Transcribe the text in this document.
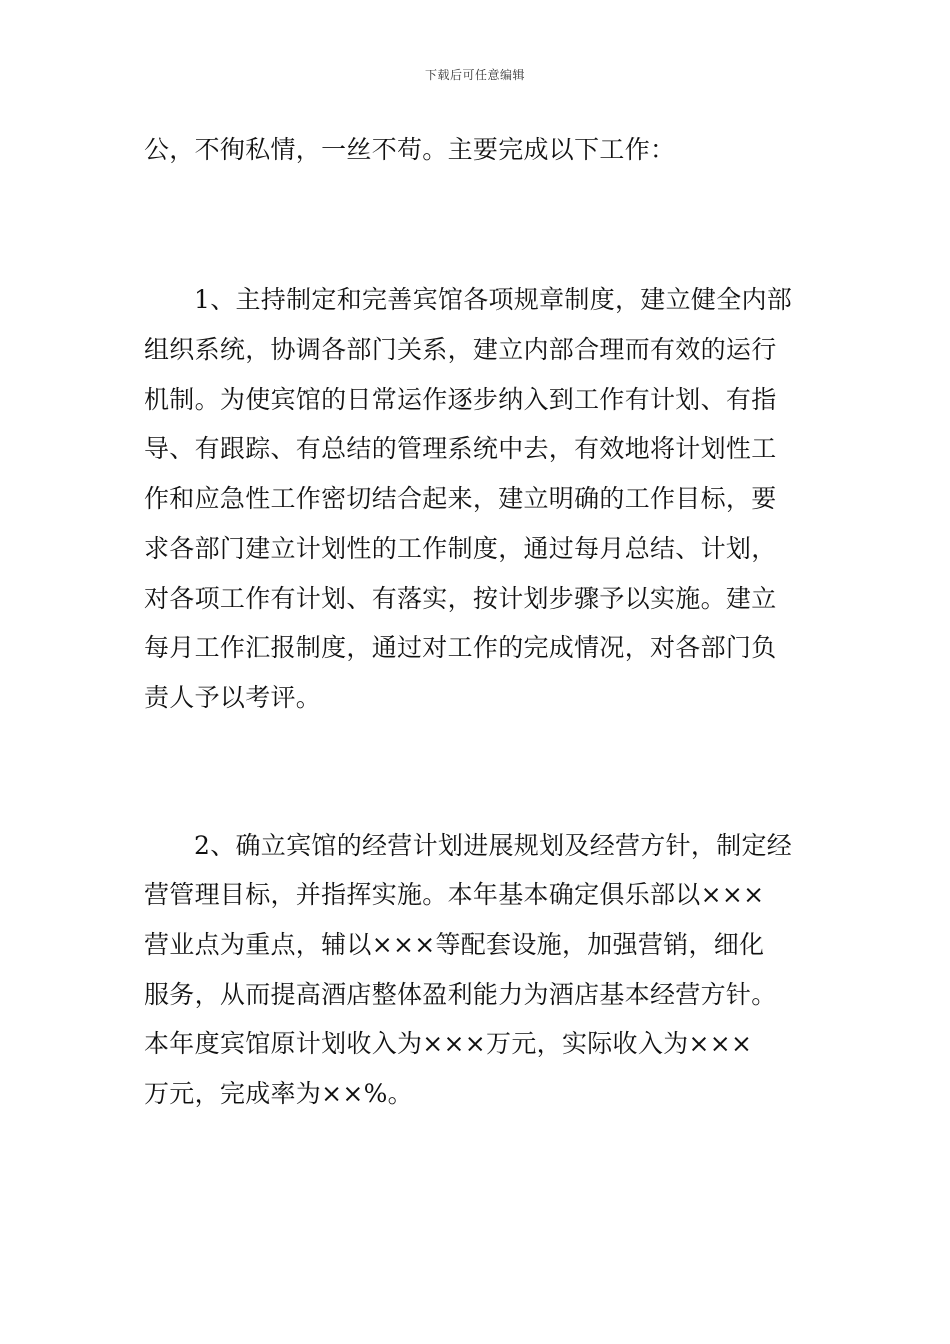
下载后可任意编辑
公，不徇私情，一丝不苟。主要完成以下工作：
1、主持制定和完善宾馆各项规章制度，建立健全内部
组织系统，协调各部门关系，建立内部合理而有效的运行
机制。为使宾馆的日常运作逐步纳入到工作有计划、有指
导、有跟踪、有总结的管理系统中去，有效地将计划性工
作和应急性工作密切结合起来，建立明确的工作目标，要
求各部门建立计划性的工作制度，通过每月总结、计划，
对各项工作有计划、有落实，按计划步骤予以实施。建立
每月工作汇报制度，通过对工作的完成情况，对各部门负
责人予以考评。
2、确立宾馆的经营计划进展规划及经营方针，制定经
营管理目标，并指挥实施。本年基本确定俱乐部以×××
营业点为重点，辅以×××等配套设施，加强营销，细化
服务，从而提高酒店整体盈利能力为酒店基本经营方针。
本年度宾馆原计划收入为×××万元，实际收入为×××
万元，完成率为××%。
